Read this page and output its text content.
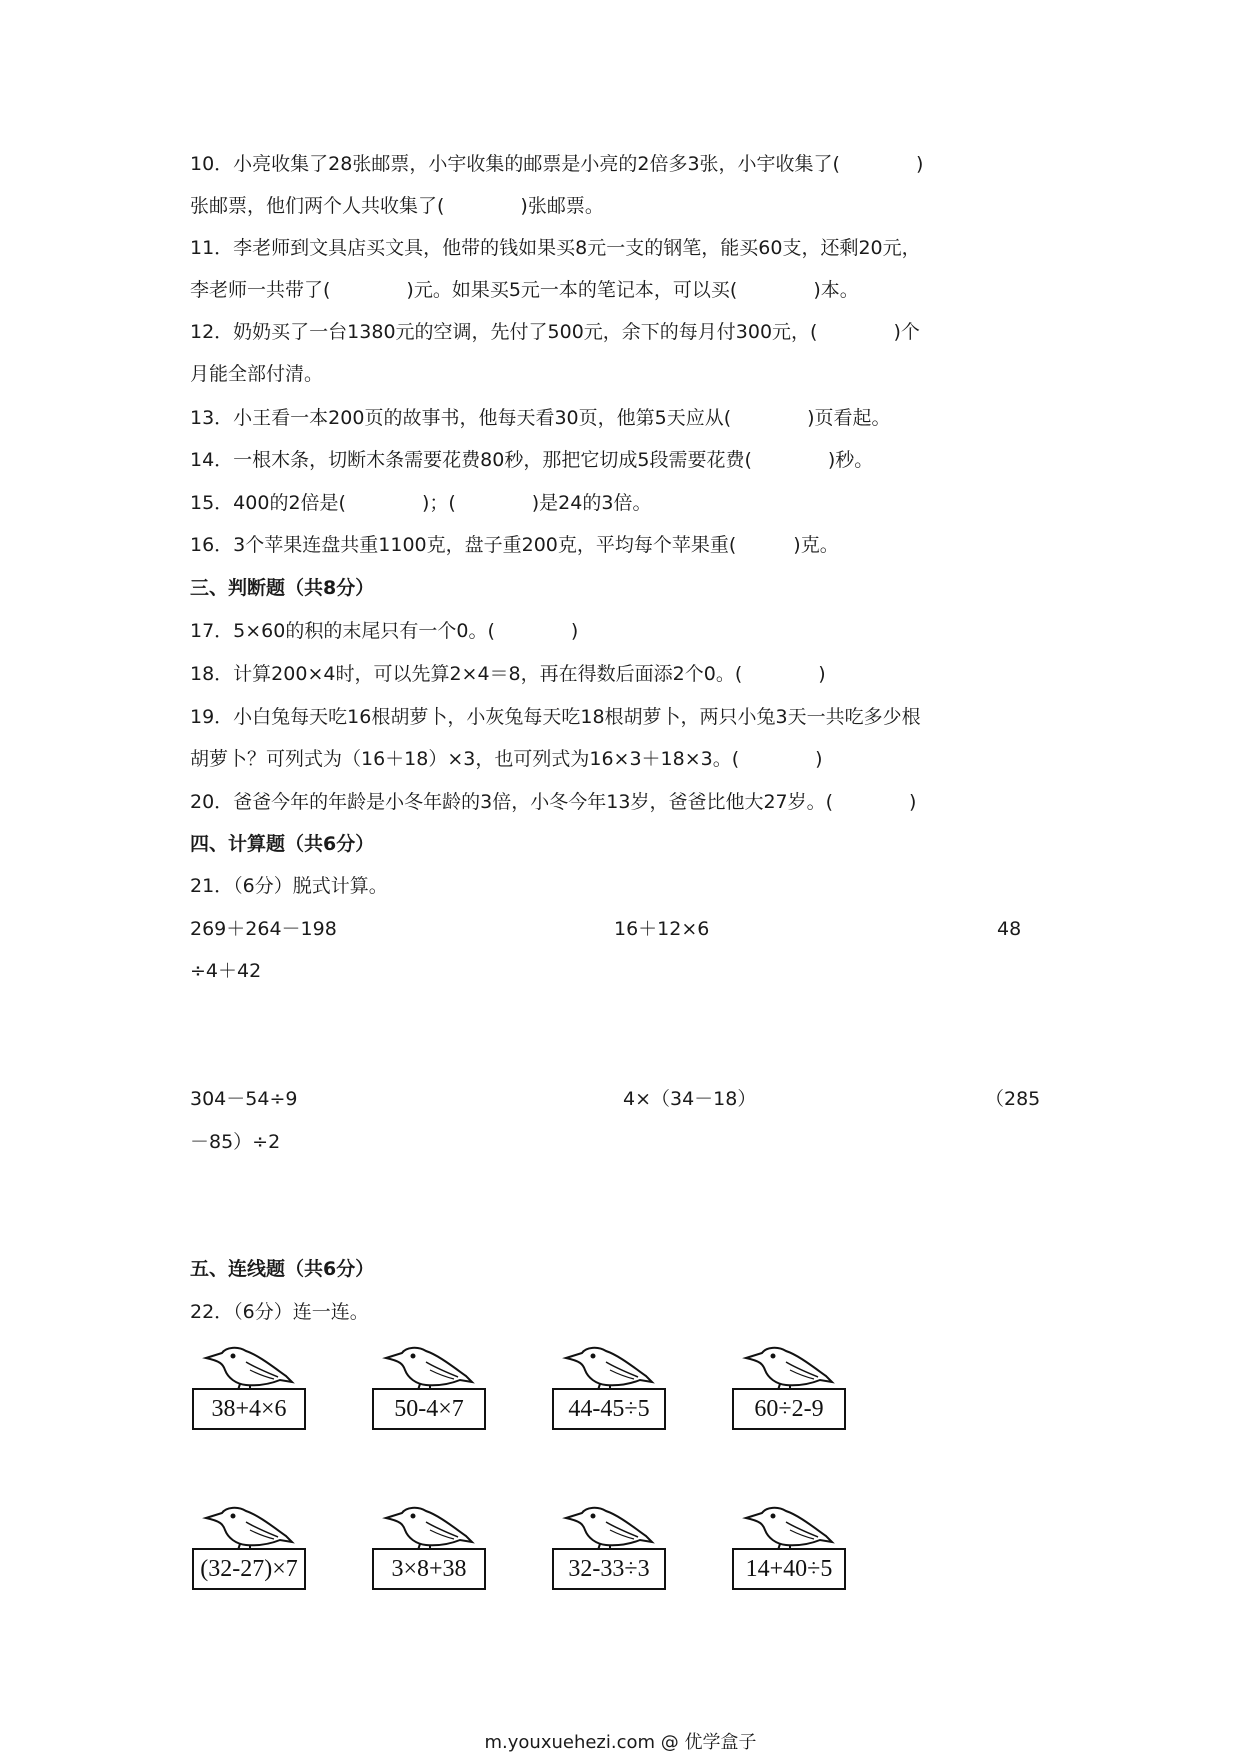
10．小亮收集了28张邮票，小宇收集的邮票是小亮的2倍多3张，小宇收集了(　　　　)
张邮票，他们两个人共收集了(　　　　)张邮票。
11．李老师到文具店买文具，他带的钱如果买8元一支的钢笔，能买60支，还剩20元，
李老师一共带了(　　　　)元。如果买5元一本的笔记本，可以买(　　　　)本。
12．奶奶买了一台1380元的空调，先付了500元，余下的每月付300元，(　　　　)个
月能全部付清。
13．小王看一本200页的故事书，他每天看30页，他第5天应从(　　　　)页看起。
14．一根木条，切断木条需要花费80秒，那把它切成5段需要花费(　　　　)秒。
15．400的2倍是(　　　　)；(　　　　)是24的3倍。
16．3个苹果连盘共重1100克，盘子重200克，平均每个苹果重(　　　)克。
三、判断题（共8分）
17．5×60的积的末尾只有一个0。(　　　　)
18．计算200×4时，可以先算2×4＝8，再在得数后面添2个0。(　　　　)
19．小白兔每天吃16根胡萝卜，小灰兔每天吃18根胡萝卜，两只小兔3天一共吃多少根
胡萝卜？可列式为（16＋18）×3，也可列式为16×3＋18×3。(　　　　)
20．爸爸今年的年龄是小冬年龄的3倍，小冬今年13岁，爸爸比他大27岁。(　　　　)
四、计算题（共6分）
21．（6分）脱式计算。
269＋264－198	16＋12×6	48
÷4＋42
304－54÷9	4×（34－18）	（285
－85）÷2
五、连线题（共6分）
22．（6分）连一连。
38+4×6	50-4×7	44-45÷5	60÷2-9
(32-27)×7	3×8+38	32-33÷3	14+40÷5
m.youxuehezi.com @ 优学盒子
